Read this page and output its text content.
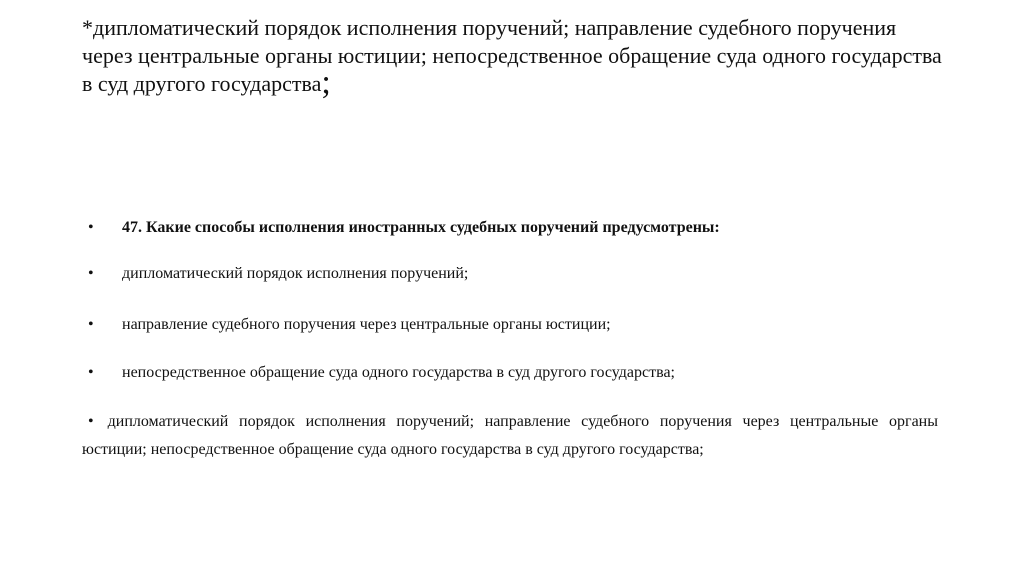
*дипломатический порядок исполнения поручений; направление судебного поручения через центральные органы юстиции; непосредственное обращение суда одного государства в суд другого государства;
•	47. Какие способы исполнения иностранных судебных поручений предусмотрены:
•	дипломатический порядок исполнения поручений;
•	направление судебного поручения через центральные органы юстиции;
•	непосредственное обращение суда одного государства в суд другого государства;
• дипломатический порядок исполнения поручений; направление судебного поручения через центральные органы юстиции; непосредственное обращение суда одного государства в суд другого государства;
